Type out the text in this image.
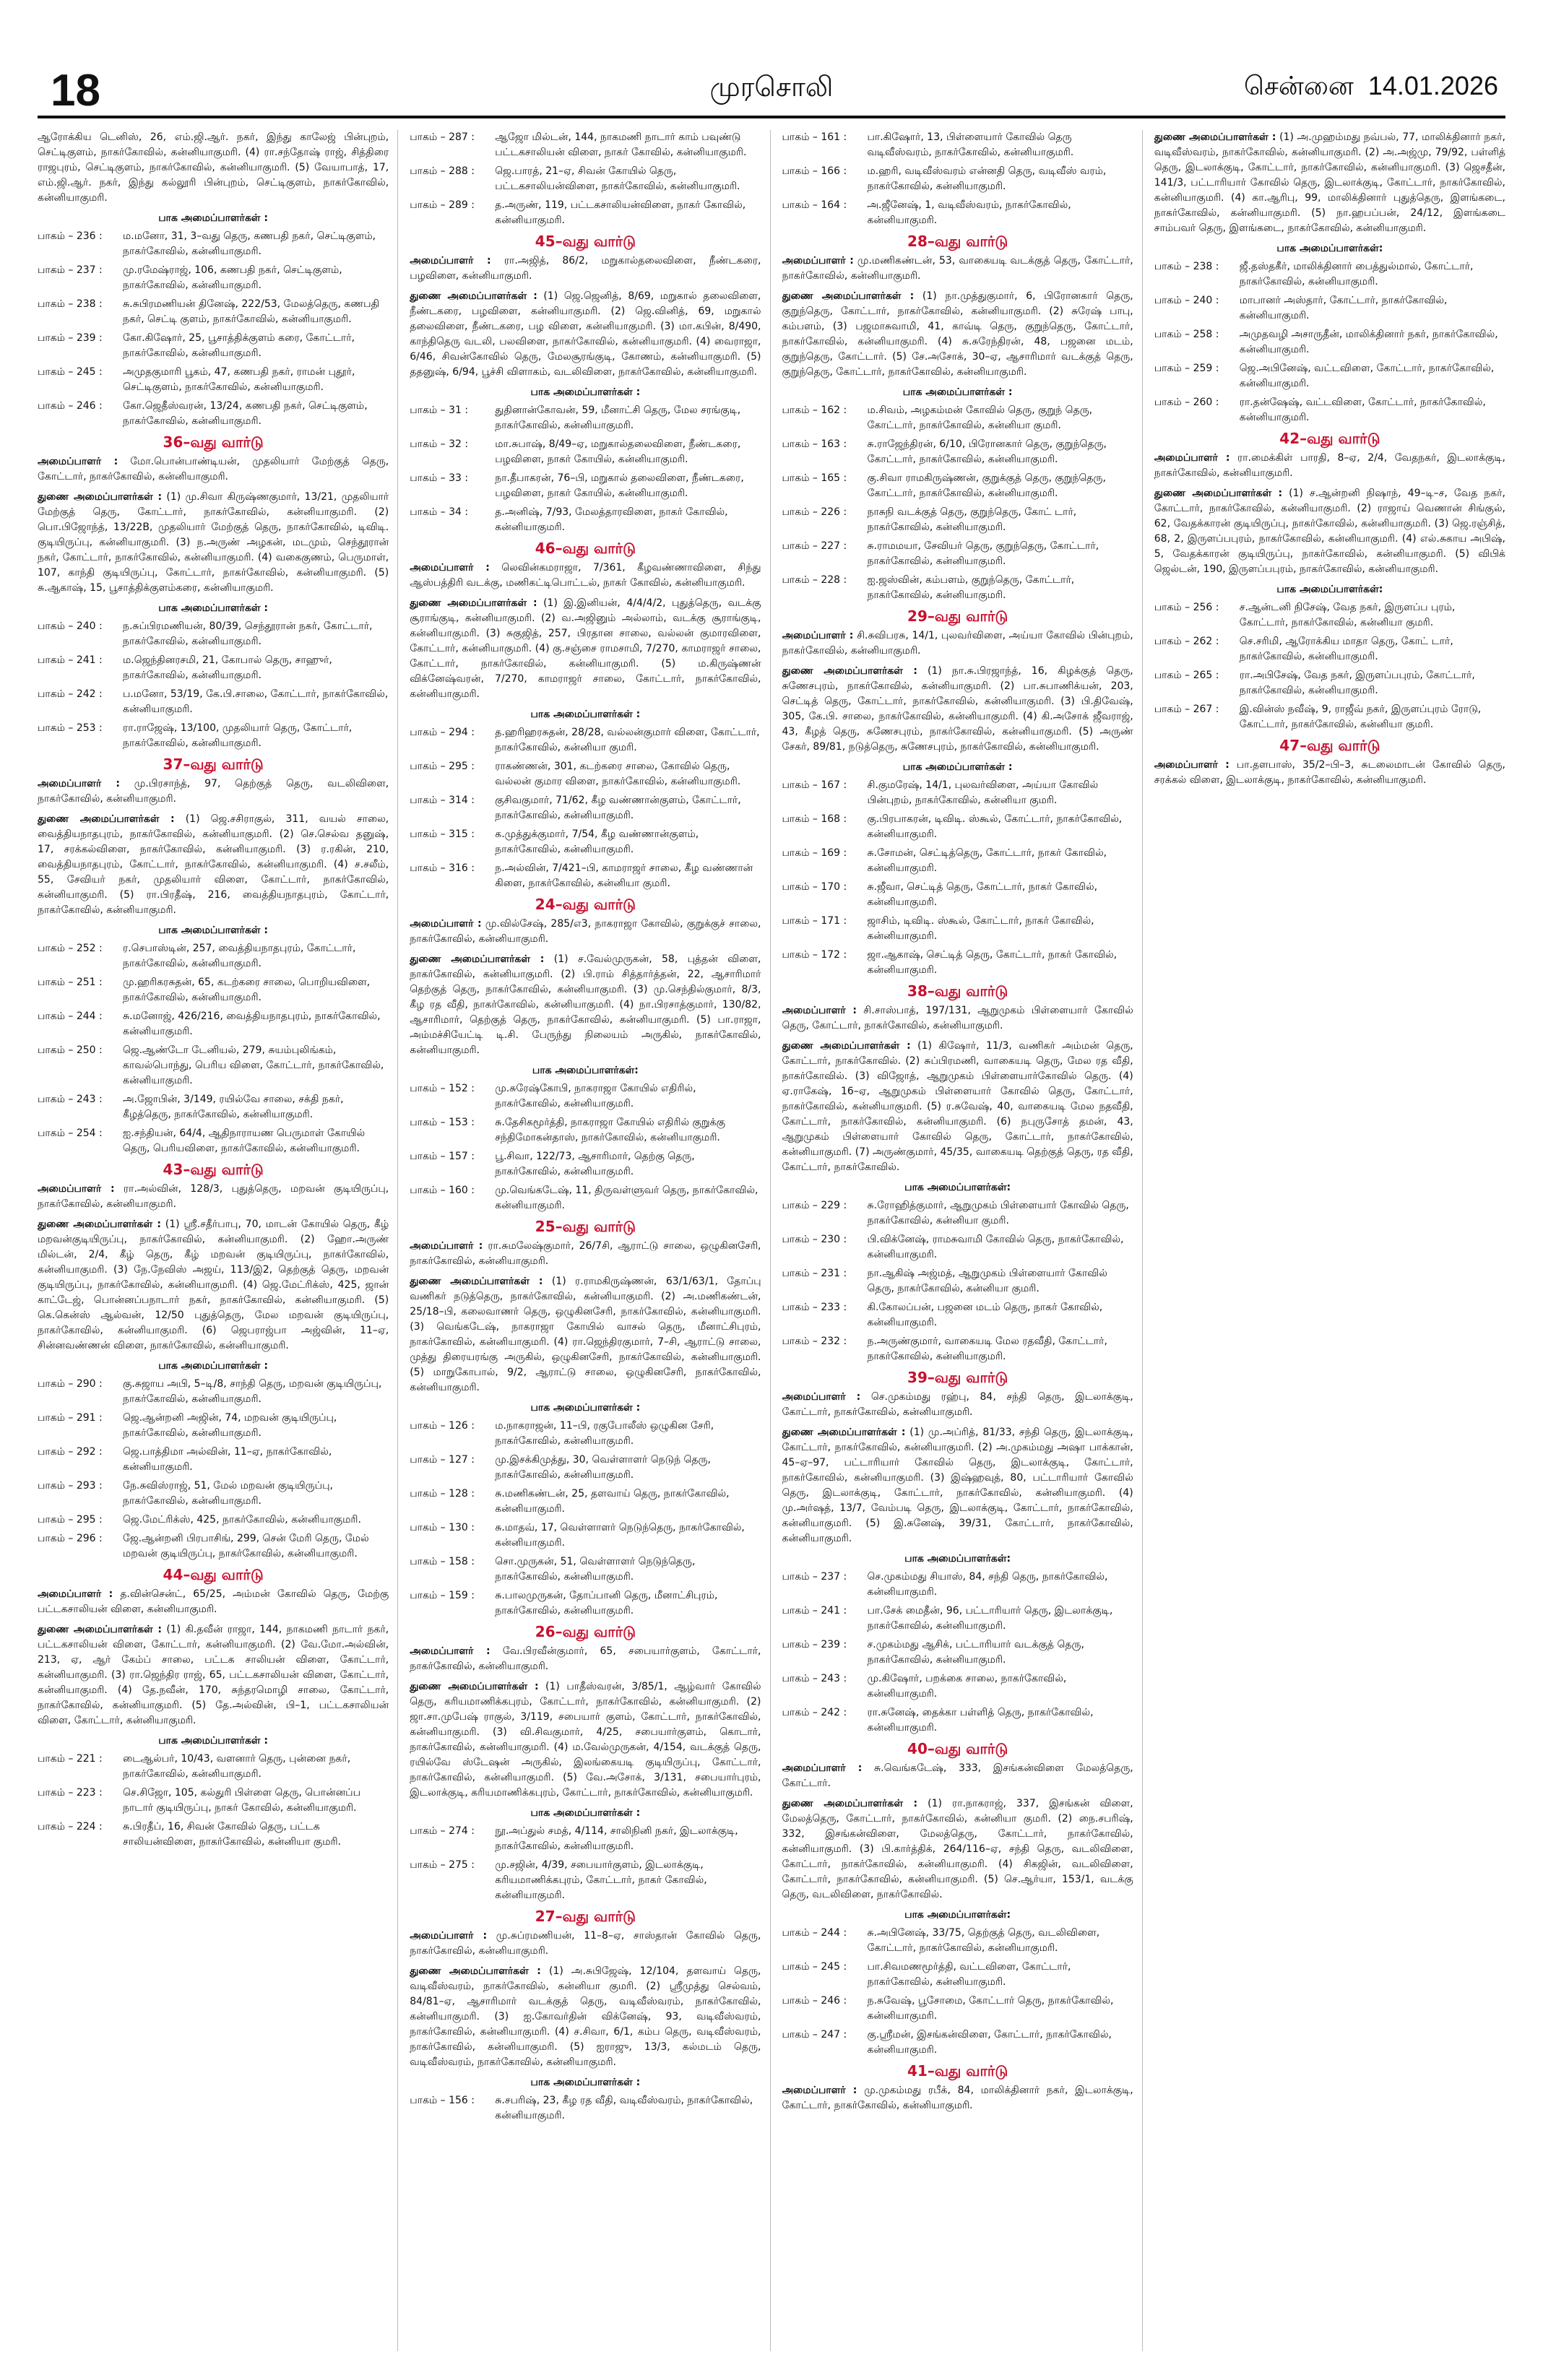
18	முரசொலி	சென்னை 14.01.2026

ஆரோக்கிய டெனிஸ், 26, எம்.ஜி.ஆர். நகர், இந்து காலேஜ் பின்புறம், செட்டிகுளம், நாகர்கோவில், கன்னியாகுமரி. (4) ரா.சந்தோஷ் ராஜ், சித்திரை ராஜபுரம், செட்டிகுளம், நாகர்கோவில், கன்னியாகுமரி. (5) வேயாபாத், 17, எம்.ஜி.ஆர். நகர், இந்து கல்லூரி பின்புறம், செட்டிகுளம், நாகர்கோவில், கன்னியாகுமரி.

பாக அமைப்பாளர்கள் :
பாகம் – 236 :	ம.மனோ, 31, 3–வது தெரு, கணபதி நகர், செட்டிகுளம், நாகர்கோவில், கன்னியாகுமரி.
பாகம் – 237 :	மு.ரமேஷ்ராஜ், 106, கணபதி நகர், செட்டிகுளம், நாகர்கோவில், கன்னியாகுமரி.
பாகம் – 238 :	சு.சுபிரமணியன் தினேஷ், 222/53, மேலத்தெரு, கணபதி நகர், செட்டி குளம், நாகர்கோவில், கன்னியாகுமரி.
பாகம் – 239 :	கோ.கிஷோர், 25, பூசாத்திக்குளம் கரை, கோட்டார், நாகர்கோவில், கன்னியாகுமரி.
பாகம் – 245 :	அமுதகுமாரி பூகம், 47, கணபதி நகர், ராமன் புதூர், செட்டிகுளம், நாகர்கோவில், கன்னியாகுமரி.
பாகம் – 246 :	கோ.ஜெதீஸ்வரன், 13/24, கணபதி நகர், செட்டிகுளம், நாகர்கோவில், கன்னியாகுமரி.
36–வது வார்டு

அமைப்பாளர் : மோ.பொன்பாண்டியன், முதலியார் மேற்குத் தெரு, கோட்டார், நாகர்கோவில், கன்னியாகுமரி.

துணை அமைப்பாளர்கள் : (1) மு.சிவா கிருஷ்ணகுமார், 13/21, முதலியார் மேற்குத் தெரு, கோட்டார், நாகர்கோவில், கன்னியாகுமரி. (2) பொ.பிஜோந்த், 13/22B, முதலியார் மேற்குத் தெரு, நாகர்கோவில், டிவிடி. குடியிருப்பு, கன்னியாகுமரி. (3) ந.அருண் அழகன், மடமும், செந்தூரான் நகர், கோட்டார், நாகர்கோவில், கன்னியாகுமரி. (4) வகைகுணம், பெருமாள், 107, காந்தி குடியிருப்பு, கோட்டார், நாகர்கோவில், கன்னியாகுமரி. (5) சு.ஆகாஷ், 15, பூசாத்திக்குளம்கரை, கன்னியாகுமரி.

பாக அமைப்பாளர்கள் :
பாகம் – 240 :	ந.சுப்பிரமணியன், 80/39, செந்தூரான் நகர், கோட்டார், நாகர்கோவில், கன்னியாகுமரி.
பாகம் – 241 :	ம.ஜெந்தினரசமி, 21, கோபால் தெரு, சாஹுர், நாகர்கோவில், கன்னியாகுமரி.
பாகம் – 242 :	ப.மனோ, 53/19, கே.பி.சாலை, கோட்டார், நாகர்கோவில், கன்னியாகுமரி.
பாகம் – 253 :	ரா.ராஜேஷ், 13/100, முதலியார் தெரு, கோட்டார், நாகர்கோவில், கன்னியாகுமரி.
37–வது வார்டு

அமைப்பாளர் : மு.பிரசாந்த், 97, தெற்குத் தெரு, வடலிவிளை, நாகர்கோவில், கன்னியாகுமரி.

துணை அமைப்பாளர்கள் : (1) ஜெ.சசிராகுல், 311, வயல் சாலை, வைத்தியநாதபுரம், நாகர்கோவில், கன்னியாகுமரி. (2) செ.செல்வ தனுஷ், 17, சரக்கல்விளை, நாகர்கோவில், கன்னியாகுமரி. (3) ர.ரகின், 210, வைத்தியநாதபுரம், கோட்டார், நாகர்கோவில், கன்னியாகுமரி. (4) ச.சலீம், 55, சேவியர் நகர், முதலியார் விளை, கோட்டார், நாகர்கோவில், கன்னியாகுமரி. (5) ரா.பிரதீஷ், 216, வைத்தியநாதபுரம், கோட்டார், நாகர்கோவில், கன்னியாகுமரி.

பாக அமைப்பாளர்கள் :
பாகம் – 252 :	ர.செபாஸ்டின், 257, வைத்தியநாதபுரம், கோட்டார், நாகர்கோவில், கன்னியாகுமரி.
பாகம் – 251 :	மு.ஹரிகரசுதன், 65, கடற்கரை சாலை, பொறியவிளை, நாகர்கோவில், கன்னியாகுமரி.
பாகம் – 244 :	சு.மனோஜ், 426/216, வைத்தியநாதபுரம், நாகர்கோவில், கன்னியாகுமரி.
பாகம் – 250 :	ஜெ.ஆண்டோ டேனியல், 279, சுயம்புலிங்கம், காவல்பொந்து, பெரிய விளை, கோட்டார், நாகர்கோவில், கன்னியாகுமரி.
பாகம் – 243 :	அ.ஜோபின், 3/149, ரயில்வே சாலை, சக்தி நகர், கீழத்தெரு, நாகர்கோவில், கன்னியாகுமரி.
பாகம் – 254 :	ஐ.சந்தியன், 64/4, ஆதிநாராயண பெருமாள் கோயில் தெரு, பெரியவிளை, நாகர்கோவில், கன்னியாகுமரி.
43–வது வார்டு

அமைப்பாளர் : ரா.அல்வின், 128/3, புதுத்தெரு, மறவன் குடியிருப்பு, நாகர்கோவில், கன்னியாகுமரி.

துணை அமைப்பாளர்கள் : (1) ஸ்ரீ.சதீர்பாபு, 70, மாடன் கோயில் தெரு, கீழ் மறவன்குடியிருப்பு, நாகர்கோவில், கன்னியாகுமரி. (2) ஹோ.அருண் மில்டன், 2/4, கீழ் தெரு, கீழ் மறவன் குடியிருப்பு, நாகர்கோவில், கன்னியாகுமரி. (3) நே.நேவிஸ் அஜய், 113/இ2, தெற்குத் தெரு, மறவன் குடியிருப்பு, நாகர்கோவில், கன்னியாகுமரி. (4) ஜெ.மேட்ரிக்ஸ், 425, ஜான் காட்டேஜ், பொன்னப்பநாடார் நகர், நாகர்கோவில், கன்னியாகுமரி. (5) கெ.கென்ஸ் ஆல்வன், 12/50 புதுத்தெரு, மேல மறவன் குடியிருப்பு, நாகர்கோவில், கன்னியாகுமரி. (6) ஜெபராஜ்பா அஜ்வின், 11–ஏ, சின்னவண்ணன் விளை, நாகர்கோவில், கன்னியாகுமரி.

பாக அமைப்பாளர்கள் :
பாகம் – 290 :	கு.சுஜாய அபி, 5–டி/8, சாந்தி தெரு, மறவன் குடியிருப்பு, நாகர்கோவில், கன்னியாகுமரி.
பாகம் – 291 :	ஜெ.ஆன்றனி அஜின், 74, மறவன் குடியிருப்பு, நாகர்கோவில், கன்னியாகுமரி.
பாகம் – 292 :	ஜெ.பாத்திமா அல்வின், 11–ஏ, நாகர்கோவில், கன்னியாகுமரி.
பாகம் – 293 :	நே.சுவிஸ்ராஜ், 51, மேல் மறவன் குடியிருப்பு, நாகர்கோவில், கன்னியாகுமரி.
பாகம் – 295 :	ஜெ.மேட்ரிக்ஸ், 425, நாகர்கோவில், கன்னியாகுமரி.
பாகம் – 296 :	ஜே.ஆன்றனி பிரபாசிங், 299, சென் மேரி தெரு, மேல் மறவன் குடியிருப்பு, நாகர்கோவில், கன்னியாகுமரி.
44–வது வார்டு

அமைப்பாளர் : த.வின்சென்ட், 65/25, அம்மன் கோவில் தெரு, மேற்கு பட்டகசாலியன் விளை, கன்னியாகுமரி.

துணை அமைப்பாளர்கள் : (1) கி.தவீன் ராஜா, 144, நாகமணி நாடார் நகர், பட்டகசாலியன் விளை, கோட்டார், கன்னியாகுமரி. (2) வே.மோ.அல்வின், 213, ஏ, ஆர் கேம்ப் சாலை, பட்டக சாலியன் விளை, கோட்டார், கன்னியாகுமரி. (3) ரா.ஜெந்திர ராஜ், 65, பட்டகசாலியன் விளை, கோட்டார், கன்னியாகுமரி. (4) தே.நவீன், 170, சுந்தரமொழி சாலை, கோட்டார், நாகர்கோவில், கன்னியாகுமரி. (5) தே.அல்வின், பி–1, பட்டகசாலியன் விளை, கோட்டார், கன்னியாகுமரி.

பாக அமைப்பாளர்கள் :
பாகம் – 221 :	டைஆல்பர், 10/43, வளனார் தெரு, புன்னை நகர், நாகர்கோவில், கன்னியாகுமரி.
பாகம் – 223 :	செ.சிஜோ, 105, கல்துரி பிள்ளை தெரு, பொன்னப்ப நாடார் குடியிருப்பு, நாகர் கோவில், கன்னியாகுமரி.
பாகம் – 224 :	சு.பிரதீப், 16, சிவன் கோவில் தெரு, பட்டக சாலியன்விளை, நாகர்கோவில், கன்னியா குமரி.
பாகம் – 287 :	ஆஜோ மில்டன், 144, நாகமணி நாடார் காம் பவுண்டு பட்டகசாலியன் விளை, நாகர் கோவில், கன்னியாகுமரி.
பாகம் – 288 :	ஜெ.பாரத், 21–ஏ, சிவன் கோயில் தெரு, பட்டகசாலியன்விளை, நாகர்கோவில், கன்னியாகுமரி.
பாகம் – 289 :	த.அருண், 119, பட்டகசாலியன்விளை, நாகர் கோவில், கன்னியாகுமரி.
45–வது வார்டு

அமைப்பாளர் : ரா.அஜித், 86/2, மறுகால்தலைவிளை, நீண்டகரை, பழவிளை, கன்னியாகுமரி.

துணை அமைப்பாளர்கள் : (1) ஜெ.ஜெனித், 8/69, மறுகால் தலைவிளை, நீண்டகரை, பழவிளை, கன்னியாகுமரி. (2) ஜெ.வினித், 69, மறுகால் தலைவிளை, நீண்டகரை, பழ விளை, கன்னியாகுமரி. (3) மா.கபின், 8/490, காந்திதெரு வடலி, பலவிளை, நாகர்கோவில், கன்னியாகுமரி. (4) வைராஜா, 6/46, சிவன்கோவில் தெரு, மேலசூரங்குடி, கோணம், கன்னியாகுமரி. (5) ததனுஷ், 6/94, பூச்சி விளாகம், வடலிவிளை, நாகர்கோவில், கன்னியாகுமரி.

பாக அமைப்பாளர்கள் :
பாகம் – 31 :	துதினான்கோவன், 59, மீனாட்சி தெரு, மேல சரங்குடி, நாகர்கோவில், கன்னியாகுமரி.
பாகம் – 32 :	மா.சுபாஷ், 8/49–ஏ, மறுகால்தலைவிளை, நீண்டகரை, பழவிளை, நாகர் கோயில், கன்னியாகுமரி.
பாகம் – 33 :	நா.தீபாகரன், 76–பி, மறுகால் தலைவிளை, நீண்டகரை, பழவிளை, நாகர் கோயில், கன்னியாகுமரி.
பாகம் – 34 :	த.அனிஷ், 7/93, மேலத்தாரவிளை, நாகர் கோவில், கன்னியாகுமரி.
46–வது வார்டு

அமைப்பாளர் : லெவின்கமராஜா, 7/361, கீழவண்ணாவிளை, சிந்து ஆஸ்பத்திரி வடக்கு, மணிகட்டிபொட்டல், நாகர் கோவில், கன்னியாகுமரி.

துணை அமைப்பாளர்கள் : (1) இ.இனியன், 4/4/4/2, புதுத்தெரு, வடக்கு சூராங்குடி, கன்னியாகுமரி. (2) வ.அஜினும் அல்லாம், வடக்கு சூராங்குடி, கன்னியாகுமரி. (3) சுகுஜித், 257, பிரதான சாலை, வல்லன் குமாரவிளை, கோட்டார், கன்னியாகுமரி. (4) கு.சஞ்சை ராமசாமி, 7/270, காமராஜர் சாலை, கோட்டார், நாகர்கோவில், கன்னியாகுமரி. (5) ம.கிருஷ்ணன் விக்னேஷ்வரன், 7/270, காமராஜர் சாலை, கோட்டார், நாகர்கோவில், கன்னியாகுமரி.

பாக அமைப்பாளர்கள் :
பாகம் – 294 :	த.ஹரிஹரசுதன், 28/28, வல்லன்குமார் விளை, கோட்டார், நாகர்கோவில், கன்னியா குமரி.
பாகம் – 295 :	ராகண்ணன், 301, கடற்கரை சாலை, கோவில் தெரு, வல்லன் குமார விளை, நாகர்கோவில், கன்னியாகுமரி.
பாகம் – 314 :	குசிவகுமார், 71/62, கீழ வண்ணான்குளம், கோட்டார், நாகர்கோவில், கன்னியாகுமரி.
பாகம் – 315 :	க.முத்துக்குமார், 7/54, கீழ வண்ணான்குளம், நாகர்கோவில், கன்னியாகுமரி.
பாகம் – 316 :	ந.அல்வின், 7/421–பி, காமராஜர் சாலை, கீழ வண்ணான் கிளை, நாகர்கோவில், கன்னியா குமரி.
24–வது வார்டு

அமைப்பாளர் : மு.வில்சேஷ், 285/எ3, நாகராஜா கோவில், குறுக்குச் சாலை, நாகர்கோவில், கன்னியாகுமரி.

துணை அமைப்பாளர்கள் : (1) ச.வேல்முருகன், 58, புத்தன் விளை, நாகர்கோவில், கன்னியாகுமரி. (2) பி.ராம் சித்தார்த்தன், 22, ஆசாரிமார் தெற்குத் தெரு, நாகர்கோவில், கன்னியாகுமரி. (3) மு.செந்தில்குமார், 8/3, கீழ ரத வீதி, நாகர்கோவில், கன்னியாகுமரி. (4) நா.பிரசாத்குமார், 130/82, ஆசாரிமார், தெற்குத் தெரு, நாகர்கோவில், கன்னியாகுமரி. (5) பா.ராஜா, அம்மச்சியேட்டி டி.சி. பேருந்து நிலையம் அருகில், நாகர்கோவில், கன்னியாகுமரி.

பாக அமைப்பாளர்கள்:
பாகம் – 152 :	மு.சுரேஷ்கோபி, நாகராஜா கோயில் எதிரில், நாகர்கோவில், கன்னியாகுமரி.
பாகம் – 153 :	சு.தேசிகமூர்த்தி, நாகராஜா கோயில் எதிரில் குறுக்கு சந்திமோகன்தாஸ், நாகர்கோவில், கன்னியாகுமரி.
பாகம் – 157 :	பூ.சிவா, 122/73, ஆசாரிமார், தெற்கு தெரு, நாகர்கோவில், கன்னியாகுமரி.
பாகம் – 160 :	மு.வெங்கடேஷ், 11, திருவள்ளுவர் தெரு, நாகர்கோவில், கன்னியாகுமரி.
25–வது வார்டு

அமைப்பாளர் : ரா.சுமலேஷ்குமார், 26/7சி, ஆராட்டு சாலை, ஒழுகினசேரி, நாகர்கோவில், கன்னியாகுமரி.

துணை அமைப்பாளர்கள் : (1) ர.ராமகிருஷ்ணன், 63/1/63/1, தோப்பு வணிகர் நடுத்தெரு, நாகர்கோவில், கன்னியாகுமரி. (2) அ.மணிகண்டன், 25/18–பி, கலைவாணர் தெரு, ஒழுகினசேரி, நாகர்கோவில், கன்னியாகுமரி. (3) வெங்கடேஷ், நாகராஜா கோயில் வாசல் தெரு, மீனாட்சிபுரம், நாகர்கோவில், கன்னியாகுமரி. (4) ரா.ஜெந்திரகுமார், 7–சி, ஆராட்டு சாலை, முத்து திரையரங்கு அருகில், ஒழுகினசேரி, நாகர்கோவில், கன்னியாகுமரி. (5) மாறுகோபால், 9/2, ஆராட்டு சாலை, ஒழுகினசேரி, நாகர்கோவில், கன்னியாகுமரி.

பாக அமைப்பாளர்கள் :
பாகம் – 126 :	ம.நாகராஜன், 11–பி, ரகுபோலீஸ் ஒழுகின சேரி, நாகர்கோவில், கன்னியாகுமரி.
பாகம் – 127 :	மு.இசக்கிமுத்து, 30, வெள்ளாளர் நெடுந் தெரு, நாகர்கோவில், கன்னியாகுமரி.
பாகம் – 128 :	சு.மணிகண்டன், 25, தளவாய் தெரு, நாகர்கோவில், கன்னியாகுமரி.
பாகம் – 130 :	சு.மாதவ், 17, வெள்ளாளர் நெடுந்தெரு, நாகர்கோவில், கன்னியாகுமரி.
பாகம் – 158 :	சொ.முருகன், 51, வெள்ளாளர் நெடுந்தெரு, நாகர்கோவில், கன்னியாகுமரி.
பாகம் – 159 :	சு.பாலமுருகன், தோப்பானி தெரு, மீனாட்சிபுரம், நாகர்கோவில், கன்னியாகுமரி.
26–வது வார்டு

அமைப்பாளர் : வே.பிரவீன்குமார், 65, சபையார்குளம், கோட்டார், நாகர்கோவில், கன்னியாகுமரி.

துணை அமைப்பாளர்கள் : (1) பாதீஸ்வரன், 3/85/1, ஆழ்வார் கோவில் தெரு, கரியமாணிக்கபுரம், கோட்டார், நாகர்கோவில், கன்னியாகுமரி. (2) ஜா.சா.முபேஷ் ராகுல், 3/119, சபையார் குளம், கோட்டார், நாகர்கோவில், கன்னியாகுமரி. (3) வி.சிவகுமார், 4/25, சபையார்குளம், கொடார், நாகர்கோவில், கன்னியாகுமரி. (4) ம.வேல்முருகன், 4/154, வடக்குத் தெரு, ரயில்வே ஸ்டேஷன் அருகில், இலங்கையடி குடியிருப்பு, கோட்டார், நாகர்கோவில், கன்னியாகுமரி. (5) வே.அசோக், 3/131, சபையார்புரம், இடலாக்குடி, கரியமாணிக்கபுரம், கோட்டார், நாகர்கோவில், கன்னியாகுமரி.

பாக அமைப்பாளர்கள் :
பாகம் – 274 :	நூ.அப்துல் சமத், 4/114, சாலிநினி நகர், இடலாக்குடி, நாகர்கோவில், கன்னியாகுமரி.
பாகம் – 275 :	மு.சஜின், 4/39, சபையார்குளம், இடலாக்குடி, கரியமாணிக்கபுரம், கோட்டார், நாகர் கோவில், கன்னியாகுமரி.
27–வது வார்டு

அமைப்பாளர் : மு.சுப்ரமணியன், 11–8–ஏ, சாஸ்தான் கோவில் தெரு, நாகர்கோவில், கன்னியாகுமரி.

துணை அமைப்பாளர்கள் : (1) அ.சுபிஜேஷ், 12/104, தளவாய் தெரு, வடிவீஸ்வரம், நாகர்கோவில், கன்னியா குமரி. (2) ஸ்ரீமுத்து செல்வம், 84/81–ஏ, ஆசாரிமார் வடக்குத் தெரு, வடிவீஸ்வரம், நாகர்கோவில், கன்னியாகுமரி. (3) ஐ.கோவர்தின் விக்னேஷ், 93, வடிவீஸ்வரம், நாகர்கோவில், கன்னியாகுமரி. (4) ச.சிவா, 6/1, கம்ப தெரு, வடிவீஸ்வரம், நாகர்கோவில், கன்னியாகுமரி. (5) ஐராஜு, 13/3, கல்மடம் தெரு, வடிவீஸ்வரம், நாகர்கோவில், கன்னியாகுமரி.

பாக அமைப்பாளர்கள் :
பாகம் – 156 :	சு.சபரிஷ், 23, கீழ ரத வீதி, வடிவீஸ்வரம், நாகர்கோவில், கன்னியாகுமரி.
பாகம் – 161 :	பா.கிஷோர், 13, பிள்ளையார் கோவில் தெரு வடிவீஸ்வரம், நாகர்கோவில், கன்னியாகுமரி.
பாகம் – 166 :	ம.ஹரி, வடிவீஸ்வரம் என்னதி தெரு, வடிவீஸ் வரம், நாகர்கோவில், கன்னியாகுமரி.
பாகம் – 164 :	அ.ஜீனேஷ், 1, வடிவீஸ்வரம், நாகர்கோவில், கன்னியாகுமரி.
28–வது வார்டு

அமைப்பாளர் : மு.மணிகண்டன், 53, வாகையடி வடக்குத் தெரு, கோட்டார், நாகர்கோவில், கன்னியாகுமரி.

துணை அமைப்பாளர்கள் : (1) நா.முத்துகுமார், 6, பிரோனகார் தெரு, குறுந்தெரு, கோட்டார், நாகர்கோவில், கன்னியாகுமரி. (2) சுரேஷ் பாபு, கம்பளம், (3) பஜமாசுவாமி, 41, காவ்டி தெரு, குறுந்தெரு, கோட்டார், நாகர்கோவில், கன்னியாகுமரி. (4) சு.சுரேந்திரன், 48, பஜனை மடம், குறுந்தெரு, கோட்டார். (5) சே.அசோக், 30–ஏ, ஆசாரிமார் வடக்குத் தெரு, குறுந்தெரு, கோட்டார், நாகர்கோவில், கன்னியாகுமரி.

பாக அமைப்பாளர்கள் :
பாகம் – 162 :	ம.சிவம், அழகம்மன் கோவில் தெரு, குறுந் தெரு, கோட்டார், நாகர்கோவில், கன்னியா குமரி.
பாகம் – 163 :	சு.ராஜேந்திரன், 6/10, பிரோனகார் தெரு, குறுந்தெரு, கோட்டார், நாகர்கோவில், கன்னியாகுமரி.
பாகம் – 165 :	கு.சிவா ராமகிருஷ்ணன், குறுக்குத் தெரு, குறுந்தெரு, கோட்டார், நாகர்கோவில், கன்னியாகுமரி.
பாகம் – 226 :	நாசுநி வடக்குத் தெரு, குறுந்தெரு, கோட் டார், நாகர்கோவில், கன்னியாகுமரி.
பாகம் – 227 :	சு.ராமமயா, சேவியர் தெரு, குறுந்தெரு, கோட்டார், நாகர்கோவில், கன்னியாகுமரி.
பாகம் – 228 :	ஐ.ஜஸ்வின், கம்பளம், குறுந்தெரு, கோட்டார், நாகர்கோவில், கன்னியாகுமரி.
29–வது வார்டு

அமைப்பாளர் : சி.சுவிபரசு, 14/1, புலவர்விளை, அய்யா கோவில் பின்புறம், நாகர்கோவில், கன்னியாகுமரி.

துணை அமைப்பாளர்கள் : (1) நா.சு.பிரஜாந்த், 16, கிழக்குத் தெரு, சுணேசபுரம், நாகர்கோவில், கன்னியாகுமரி. (2) பா.சுபாணிக்யன், 203, செட்டித் தெரு, கோட்டார், நாகர்கோவில், கன்னியாகுமரி. (3) பி.திவேஷ், 305, கே.பி. சாலை, நாகர்கோவில், கன்னியாகுமரி. (4) கி.அசோக் ஜீவராஜ், 43, கீழத் தெரு, சுணேசபுரம், நாகர்கோவில், கன்னியாகுமரி. (5) அருண் சேகர், 89/81, நடுத்தெரு, சுணேசபுரம், நாகர்கோவில், கன்னியாகுமரி.

பாக அமைப்பாளர்கள் :
பாகம் – 167 :	சி.குமரேஷ், 14/1, புலவர்விளை, அய்யா கோவில் பின்புறம், நாகர்கோவில், கன்னியா குமரி.
பாகம் – 168 :	கு.பிரபாகரன், டிவிடி. ஸ்கூல், கோட்டார், நாகர்கோவில், கன்னியாகுமரி.
பாகம் – 169 :	சு.சோமன், செட்டித்தெரு, கோட்டார், நாகர் கோவில், கன்னியாகுமரி.
பாகம் – 170 :	சு.ஜீவா, செட்டித் தெரு, கோட்டார், நாகர் கோவில், கன்னியாகுமரி.
பாகம் – 171 :	ஜாசிம், டிவிடி. ஸ்கூல், கோட்டார், நாகர் கோவில், கன்னியாகுமரி.
பாகம் – 172 :	ஜா.ஆகாஷ், செட்டித் தெரு, கோட்டார், நாகர் கோவில், கன்னியாகுமரி.
38–வது வார்டு

அமைப்பாளர் : சி.சாஸ்பாத், 197/131, ஆறுமுகம் பிள்ளையார் கோவில் தெரு, கோட்டார், நாகர்கோவில், கன்னியாகுமரி.

துணை அமைப்பாளர்கள் : (1) கிஷோர், 11/3, வணிகர் அம்மன் தெரு, கோட்டார், நாகர்கோவில். (2) சுப்பிரமணி, வாகையடி தெரு, மேல ரத வீதி, நாகர்கோவில். (3) விஜோத், ஆறுமுகம் பிள்ளையார்கோவில் தெரு. (4) ஏ.ராகேஷ், 16–ஏ, ஆறுமுகம் பிள்ளையார் கோவில் தெரு, கோட்டார், நாகர்கோவில், கன்னியாகுமரி. (5) ர.சுவேஷ், 40, வாகையடி மேல நதவீதி, கோட்டார், நாகர்கோவில், கன்னியாகுமரி. (6) நபுருசோத் தமன், 43, ஆறுமுகம் பிள்ளையார் கோவில் தெரு, கோட்டார், நாகர்கோவில், கன்னியாகுமரி. (7) அருண்குமார், 45/35, வாகையடி தெற்குத் தெரு, ரத வீதி, கோட்டார், நாகர்கோவில்.

பாக அமைப்பாளர்கள்:
பாகம் – 229 :	சு.ரோஹித்குமார், ஆறுமுகம் பிள்ளையார் கோவில் தெரு, நாகர்கோவில், கன்னியா குமரி.
பாகம் – 230 :	பி.விக்னேஷ், ராமசுவாமி கோவில் தெரு, நாகர்கோவில், கன்னியாகுமரி.
பாகம் – 231 :	நா.ஆகிஷ் அஜ்மத், ஆறுமுகம் பிள்ளையார் கோவில் தெரு, நாகர்கோவில், கன்னியா குமரி.
பாகம் – 233 :	கி.கோலப்பன், பஜனை மடம் தெரு, நாகர் கோவில், கன்னியாகுமரி.
பாகம் – 232 :	ந.அருண்குமார், வாகையடி மேல ரதவீதி, கோட்டார், நாகர்கோவில், கன்னியாகுமரி.
39–வது வார்டு

அமைப்பாளர் : செ.முகம்மது ரஹ்பு, 84, சந்தி தெரு, இடலாக்குடி, கோட்டார், நாகர்கோவில், கன்னியாகுமரி.

துணை அமைப்பாளர்கள் : (1) மு.அப்ரித், 81/33, சந்தி தெரு, இடலாக்குடி, கோட்டார், நாகர்கோவில், கன்னியாகுமரி. (2) அ.முகம்மது அஷா பாக்கான், 45–ஏ–97, பட்டாரியார் கோவில் தெரு, இடலாக்குடி, கோட்டார், நாகர்கோவில், கன்னியாகுமரி. (3) இஷ்ஹவுத், 80, பட்டாரியார் கோவில் தெரு, இடலாக்குடி, கோட்டார், நாகர்கோவில், கன்னியாகுமரி. (4) மு.அர்ஷத், 13/7, வேம்படி தெரு, இடலாக்குடி, கோட்டார், நாகர்கோவில், கன்னியாகுமரி. (5) இ.சுனேஷ், 39/31, கோட்டார், நாகர்கோவில், கன்னியாகுமரி.

பாக அமைப்பாளர்கள்:
பாகம் – 237 :	செ.முகம்மது சியாஸ், 84, சந்தி தெரு, நாகர்கோவில், கன்னியாகுமரி.
பாகம் – 241 :	பா.சேக் மைதீன், 96, பட்டாரியார் தெரு, இடலாக்குடி, நாகர்கோவில், கன்னியாகுமரி.
பாகம் – 239 :	ச.முகம்மது ஆசிக், பட்டாரியார் வடக்குத் தெரு, நாகர்கோவில், கன்னியாகுமரி.
பாகம் – 243 :	மு.கிஷோர், பறக்கை சாலை, நாகர்கோவில், கன்னியாகுமரி.
பாகம் – 242 :	ரா.சுனேஷ், தைக்கா பள்ளித் தெரு, நாகர்கோவில், கன்னியாகுமரி.
40–வது வார்டு

அமைப்பாளர் : சு.வெங்கடேஷ், 333, இசங்கன்விளை மேலத்தெரு, கோட்டார்.

துணை அமைப்பாளர்கள் : (1) ரா.நாகராஜ், 337, இசங்கன் விளை, மேலத்தெரு, கோட்டார், நாகர்கோவில், கன்னியா குமரி. (2) நை.சபரிஷ், 332, இசங்கன்விளை, மேலத்தெரு, கோட்டார், நாகர்கோவில், கன்னியாகுமரி. (3) பி.கார்த்திக், 264/116–ஏ, சந்தி தெரு, வடலிவிளை, கோட்டார், நாகர்கோவில், கன்னியாகுமரி. (4) சிகஜின், வடலிவிளை, கோட்டார், நாகர்கோவில், கன்னியாகுமரி. (5) செ.ஆர்யா, 153/1, வடக்கு தெரு, வடலிவிளை, நாகர்கோவில்.

பாக அமைப்பாளர்கள்:
பாகம் – 244 :	சு.அபினேஷ், 33/75, தெற்குத் தெரு, வடலிவிளை, கோட்டார், நாகர்கோவில், கன்னியாகுமரி.
பாகம் – 245 :	பா.சிவமணமூர்த்தி, வட்டவிளை, கோட்டார், நாகர்கோவில், கன்னியாகுமரி.
பாகம் – 246 :	ந.சுவேஷ், பூசோமை, கோட்டார் தெரு, நாகர்கோவில், கன்னியாகுமரி.
பாகம் – 247 :	கு.ஸ்ரீமன், இசங்கன்விளை, கோட்டார், நாகர்கோவில், கன்னியாகுமரி.
41–வது வார்டு

அமைப்பாளர் : மு.முகம்மது ரபீக், 84, மாலிக்தினார் நகர், இடலாக்குடி, கோட்டார், நாகர்கோவில், கன்னியாகுமரி.

துணை அமைப்பாளர்கள் : (1) அ.முஹம்மது நவ்பல், 77, மாலிக்தினார் நகர், வடிவீஸ்வரம், நாகர்கோவில், கன்னியாகுமரி. (2) அ.அஜ்மு, 79/92, பள்ளித் தெரு, இடலாக்குடி, கோட்டார், நாகர்கோவில், கன்னியாகுமரி. (3) ஜெசதீன், 141/3, பட்டாரியார் கோவில் தெரு, இடலாக்குடி, கோட்டார், நாகர்கோவில், கன்னியாகுமரி. (4) கா.ஆரிபு, 99, மாலிக்தினார் புதுத்தெரு, இளங்கடை, நாகர்கோவில், கன்னியாகுமரி. (5) நா.ஹபப்பன், 24/12, இளங்கடை சாம்பவர் தெரு, இளங்கடை, நாகர்கோவில், கன்னியாகுமரி.

பாக அமைப்பாளர்கள்:
பாகம் – 238 :	ஜீ.தஸ்தகீர், மாலிக்தினார் பைத்துல்மால், கோட்டார், நாகர்கோவில், கன்னியாகுமரி.
பாகம் – 240 :	மாபானர் அஸ்தார், கோட்டார், நாகர்கோவில், கன்னியாகுமரி.
பாகம் – 258 :	அமுதவழி அசாருதீன், மாலிக்தினார் நகர், நாகர்கோவில், கன்னியாகுமரி.
பாகம் – 259 :	ஜெ.அபினேஷ், வட்டவிளை, கோட்டார், நாகர்கோவில், கன்னியாகுமரி.
பாகம் – 260 :	ரா.தன்ஷேஷ், வட்டவிளை, கோட்டார், நாகர்கோவில், கன்னியாகுமரி.
42–வது வார்டு

அமைப்பாளர் : ரா.மைக்கிள் பாரதி, 8–ஏ, 2/4, வேதநகர், இடலாக்குடி, நாகர்கோவில், கன்னியாகுமரி.

துணை அமைப்பாளர்கள் : (1) ச.ஆன்றனி நிஷாந், 49–டி–ச, வேத நகர், கோட்டார், நாகர்கோவில், கன்னியாகுமரி. (2) ராஜாய் வெணான் சிங்குல், 62, வேதக்காரன் குடியிருப்பு, நாகர்கோவில், கன்னியாகுமரி. (3) ஜெ.ரஞ்சித், 68, 2, இருளப்பபுரம், நாகர்கோவில், கன்னியாகுமரி. (4) எல்.சுகாய அபிஷ், 5, வேதக்காரன் குடியிருப்பு, நாகர்கோவில், கன்னியாகுமரி. (5) விபிக் ஜெல்டன், 190, இருளப்பபுரம், நாகர்கோவில், கன்னியாகுமரி.

பாக அமைப்பாளர்கள்:
பாகம் – 256 :	ச.ஆன்டனி நிசேஷ், வேத நகர், இருளப்ப புரம், கோட்டார், நாகர்கோவில், கன்னியா குமரி.
பாகம் – 262 :	செ.சரிமி, ஆரோக்கிய மாதா தெரு, கோட் டார், நாகர்கோவில், கன்னியாகுமரி.
பாகம் – 265 :	ரா.அபிசேஷ், வேத நகர், இருளப்பபுரம், கோட்டார், நாகர்கோவில், கன்னியாகுமரி.
பாகம் – 267 :	இ.வின்ஸ் நவீஷ், 9, ராஜீவ் நகர், இருளப்புரம் ரோடு, கோட்டார், நாகர்கோவில், கன்னியா குமரி.
47–வது வார்டு

அமைப்பாளர் : பா.தளபாஸ், 35/2–பி–3, சுடலைமாடன் கோவில் தெரு, சரக்கல் விளை, இடலாக்குடி, நாகர்கோவில், கன்னியாகுமரி.
